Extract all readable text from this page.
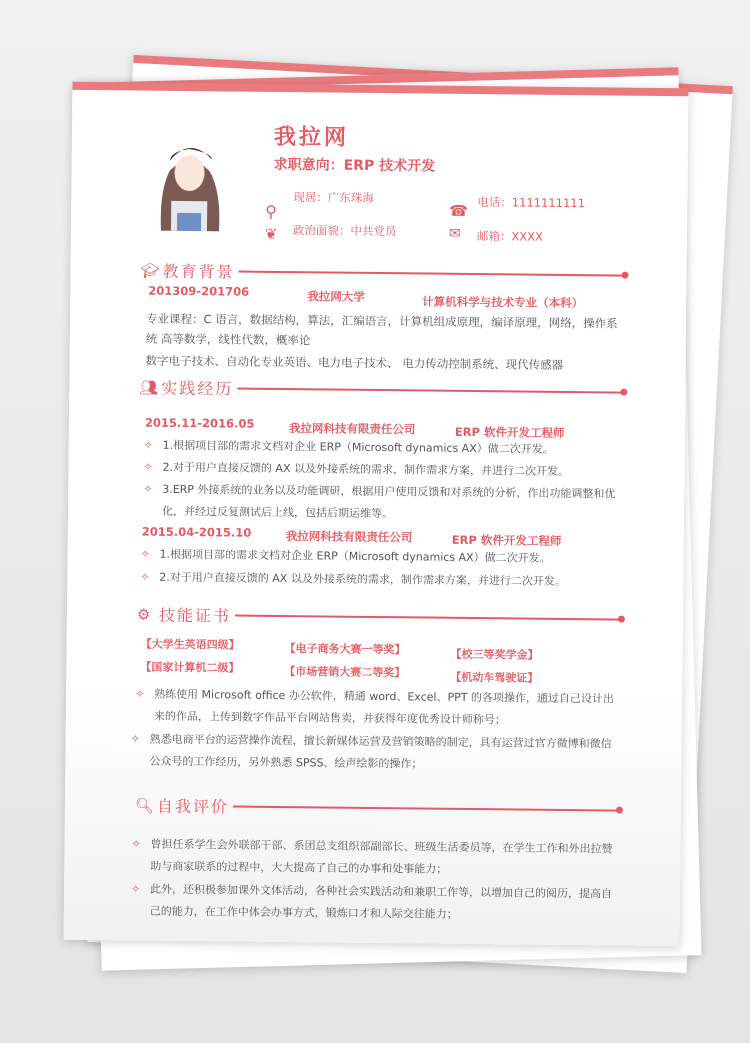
我拉网
求职意向：ERP 技术开发
⚲
❦
现居：广东珠海
政治面貌：中共党员
☎
✉
电话：1111111111
邮箱：XXXX
🎓︎ 教育背景
201309-201706	我拉网大学	计算机科学与技术专业（本科）
专业课程：C 语言，数据结构，算法，汇编语言，计算机组成原理，编译原理，网络，操作系统 高等数学，线性代数，概率论
数字电子技术、自动化专业英语、电力电子技术、 电力传动控制系统、现代传感器
👥︎ 实践经历
2015.11-2016.05	我拉网科技有限责任公司	ERP 软件开发工程师
✧ 1.根据项目部的需求文档对企业 ERP（Microsoft dynamics AX）做二次开发。
✧ 2.对于用户直接反馈的 AX 以及外接系统的需求，制作需求方案，并进行二次开发。
✧ 3.ERP 外接系统的业务以及功能调研，根据用户使用反馈和对系统的分析，作出功能调整和优化，并经过反复测试后上线，包括后期运维等。
2015.04-2015.10	我拉网科技有限责任公司	ERP 软件开发工程师
✧ 1.根据项目部的需求文档对企业 ERP（Microsoft dynamics AX）做二次开发。
✧ 2.对于用户直接反馈的 AX 以及外接系统的需求，制作需求方案，并进行二次开发。
⚙ 技能证书
【大学生英语四级】	【电子商务大赛一等奖】	【校三等奖学金】
【国家计算机二级】	【市场营销大赛二等奖】	【机动车驾驶证】
✧ 熟练使用 Microsoft office 办公软件，精通 word、Excel、PPT 的各项操作，通过自己设计出来的作品，上传到数字作品平台网站售卖，并获得年度优秀设计师称号；
✧ 熟悉电商平台的运营操作流程，擅长新媒体运营及营销策略的制定，具有运营过官方微博和微信公众号的工作经历，另外熟悉 SPSS、绘声绘影的操作；
🔍︎ 自我评价
✧ 曾担任系学生会外联部干部、系团总支组织部副部长、班级生活委员等，在学生工作和外出拉赞助与商家联系的过程中，大大提高了自己的办事和处事能力；
✧ 此外，还积极参加课外文体活动，各种社会实践活动和兼职工作等，以增加自己的阅历，提高自己的能力，在工作中体会办事方式，锻炼口才和人际交往能力；
